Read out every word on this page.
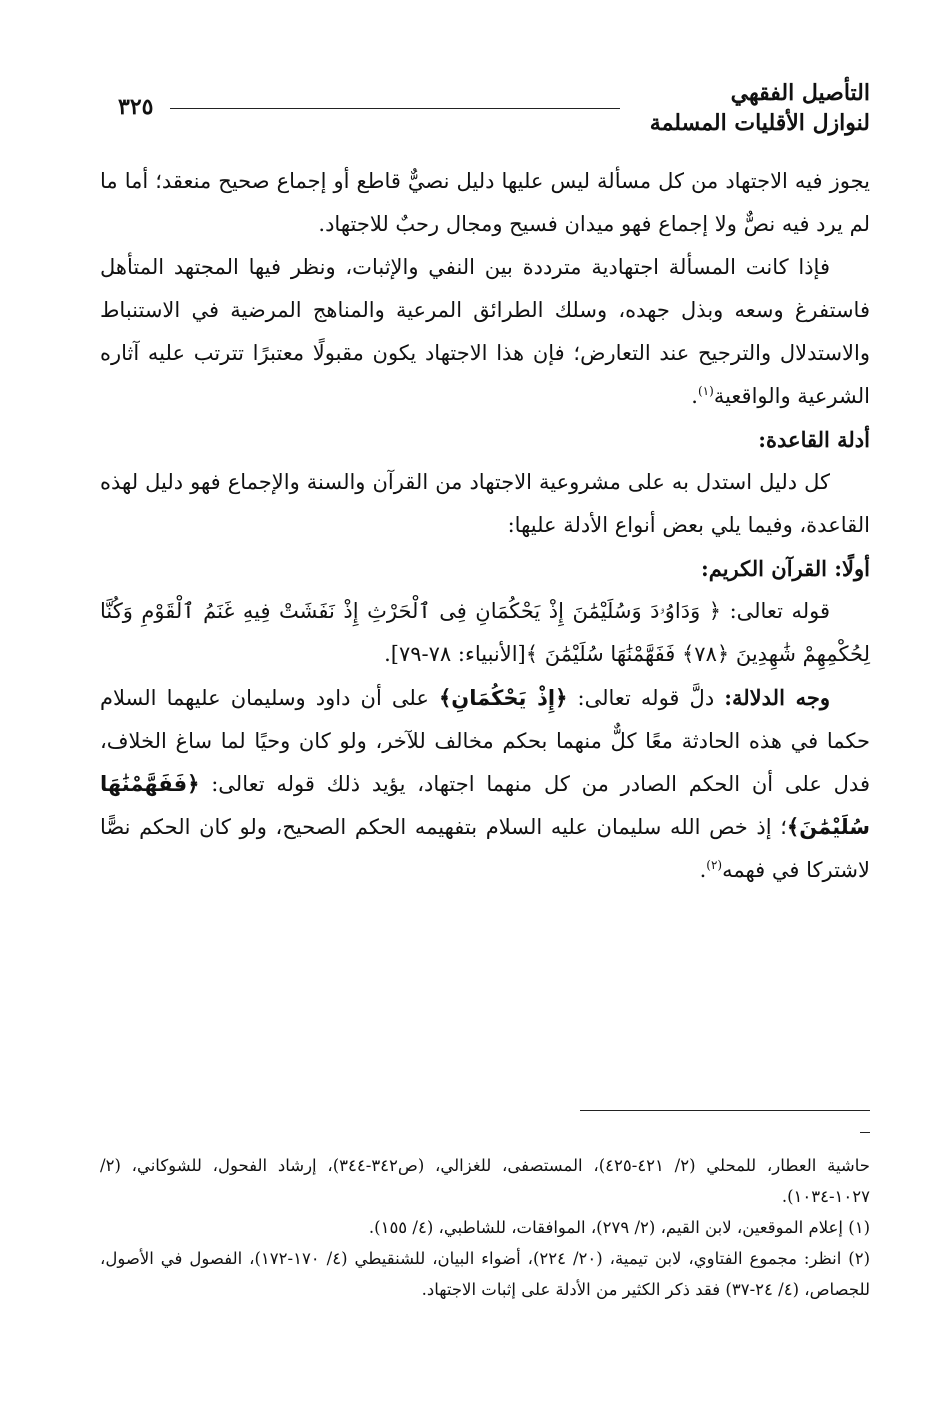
٣٢٥
التأصيل الفقهي
لنوازل الأقليات المسلمة

يجوز فيه الاجتهاد من كل مسألة ليس عليها دليل نصيٌّ قاطع أو إجماع صحيح منعقد؛ أما ما لم يرد فيه نصٌّ ولا إجماع فهو ميدان فسيح ومجال رحبٌ للاجتهاد.

فإذا كانت المسألة اجتهادية مترددة بين النفي والإثبات، ونظر فيها المجتهد المتأهل فاستفرغ وسعه وبذل جهده، وسلك الطرائق المرعية والمناهج المرضية في الاستنباط والاستدلال والترجيح عند التعارض؛ فإن هذا الاجتهاد يكون مقبولًا معتبرًا تترتب عليه آثاره الشرعية والواقعية$^{(١)}$.

أدلة القاعدة:

كل دليل استدل به على مشروعية الاجتهاد من القرآن والسنة والإجماع فهو دليل لهذه القاعدة، وفيما يلي بعض أنواع الأدلة عليها:

أولًا: القرآن الكريم:

قوله تعالى: ﴿ وَدَاوُۥدَ وَسُلَيْمَٰنَ إِذْ يَحْكُمَانِ فِى ٱلْحَرْثِ إِذْ نَفَشَتْ فِيهِ غَنَمُ ٱلْقَوْمِ وَكُنَّا لِحُكْمِهِمْ شَٰهِدِينَ ﴿٧٨﴾ فَفَهَّمْنَٰهَا سُلَيْمَٰنَ ﴾[الأنبياء: ٧٨-٧٩].

وجه الدلالة: دلَّ قوله تعالى: ﴿إِذْ يَحْكُمَانِ﴾ على أن داود وسليمان عليهما السلام حكما في هذه الحادثة معًا كلٌّ منهما بحكم مخالف للآخر، ولو كان وحيًا لما ساغ الخلاف، فدل على أن الحكم الصادر من كل منهما اجتهاد، يؤيد ذلك قوله تعالى: ﴿فَفَهَّمْنَٰهَا سُلَيْمَٰنَ﴾؛ إذ خص الله سليمان عليه السلام بتفهيمه الحكم الصحيح، ولو كان الحكم نصًّا لاشتركا في فهمه$^{(٢)}$.

حاشية العطار، للمحلي (٢/ ٤٢١-٤٢٥)، المستصفى، للغزالي، (ص٣٤٢-٣٤٤)، إرشاد الفحول، للشوكاني، (٢/ ١٠٢٧-١٠٣٤).

(١) إعلام الموقعين، لابن القيم، (٢/ ٢٧٩)، الموافقات، للشاطبي، (٤/ ١٥٥).

(٢) انظر: مجموع الفتاوي، لابن تيمية، (٢٠/ ٢٢٤)، أضواء البيان، للشنقيطي (٤/ ١٧٠-١٧٢)، الفصول في الأصول، للجصاص، (٤/ ٢٤-٣٧) فقد ذكر الكثير من الأدلة على إثبات الاجتهاد.
